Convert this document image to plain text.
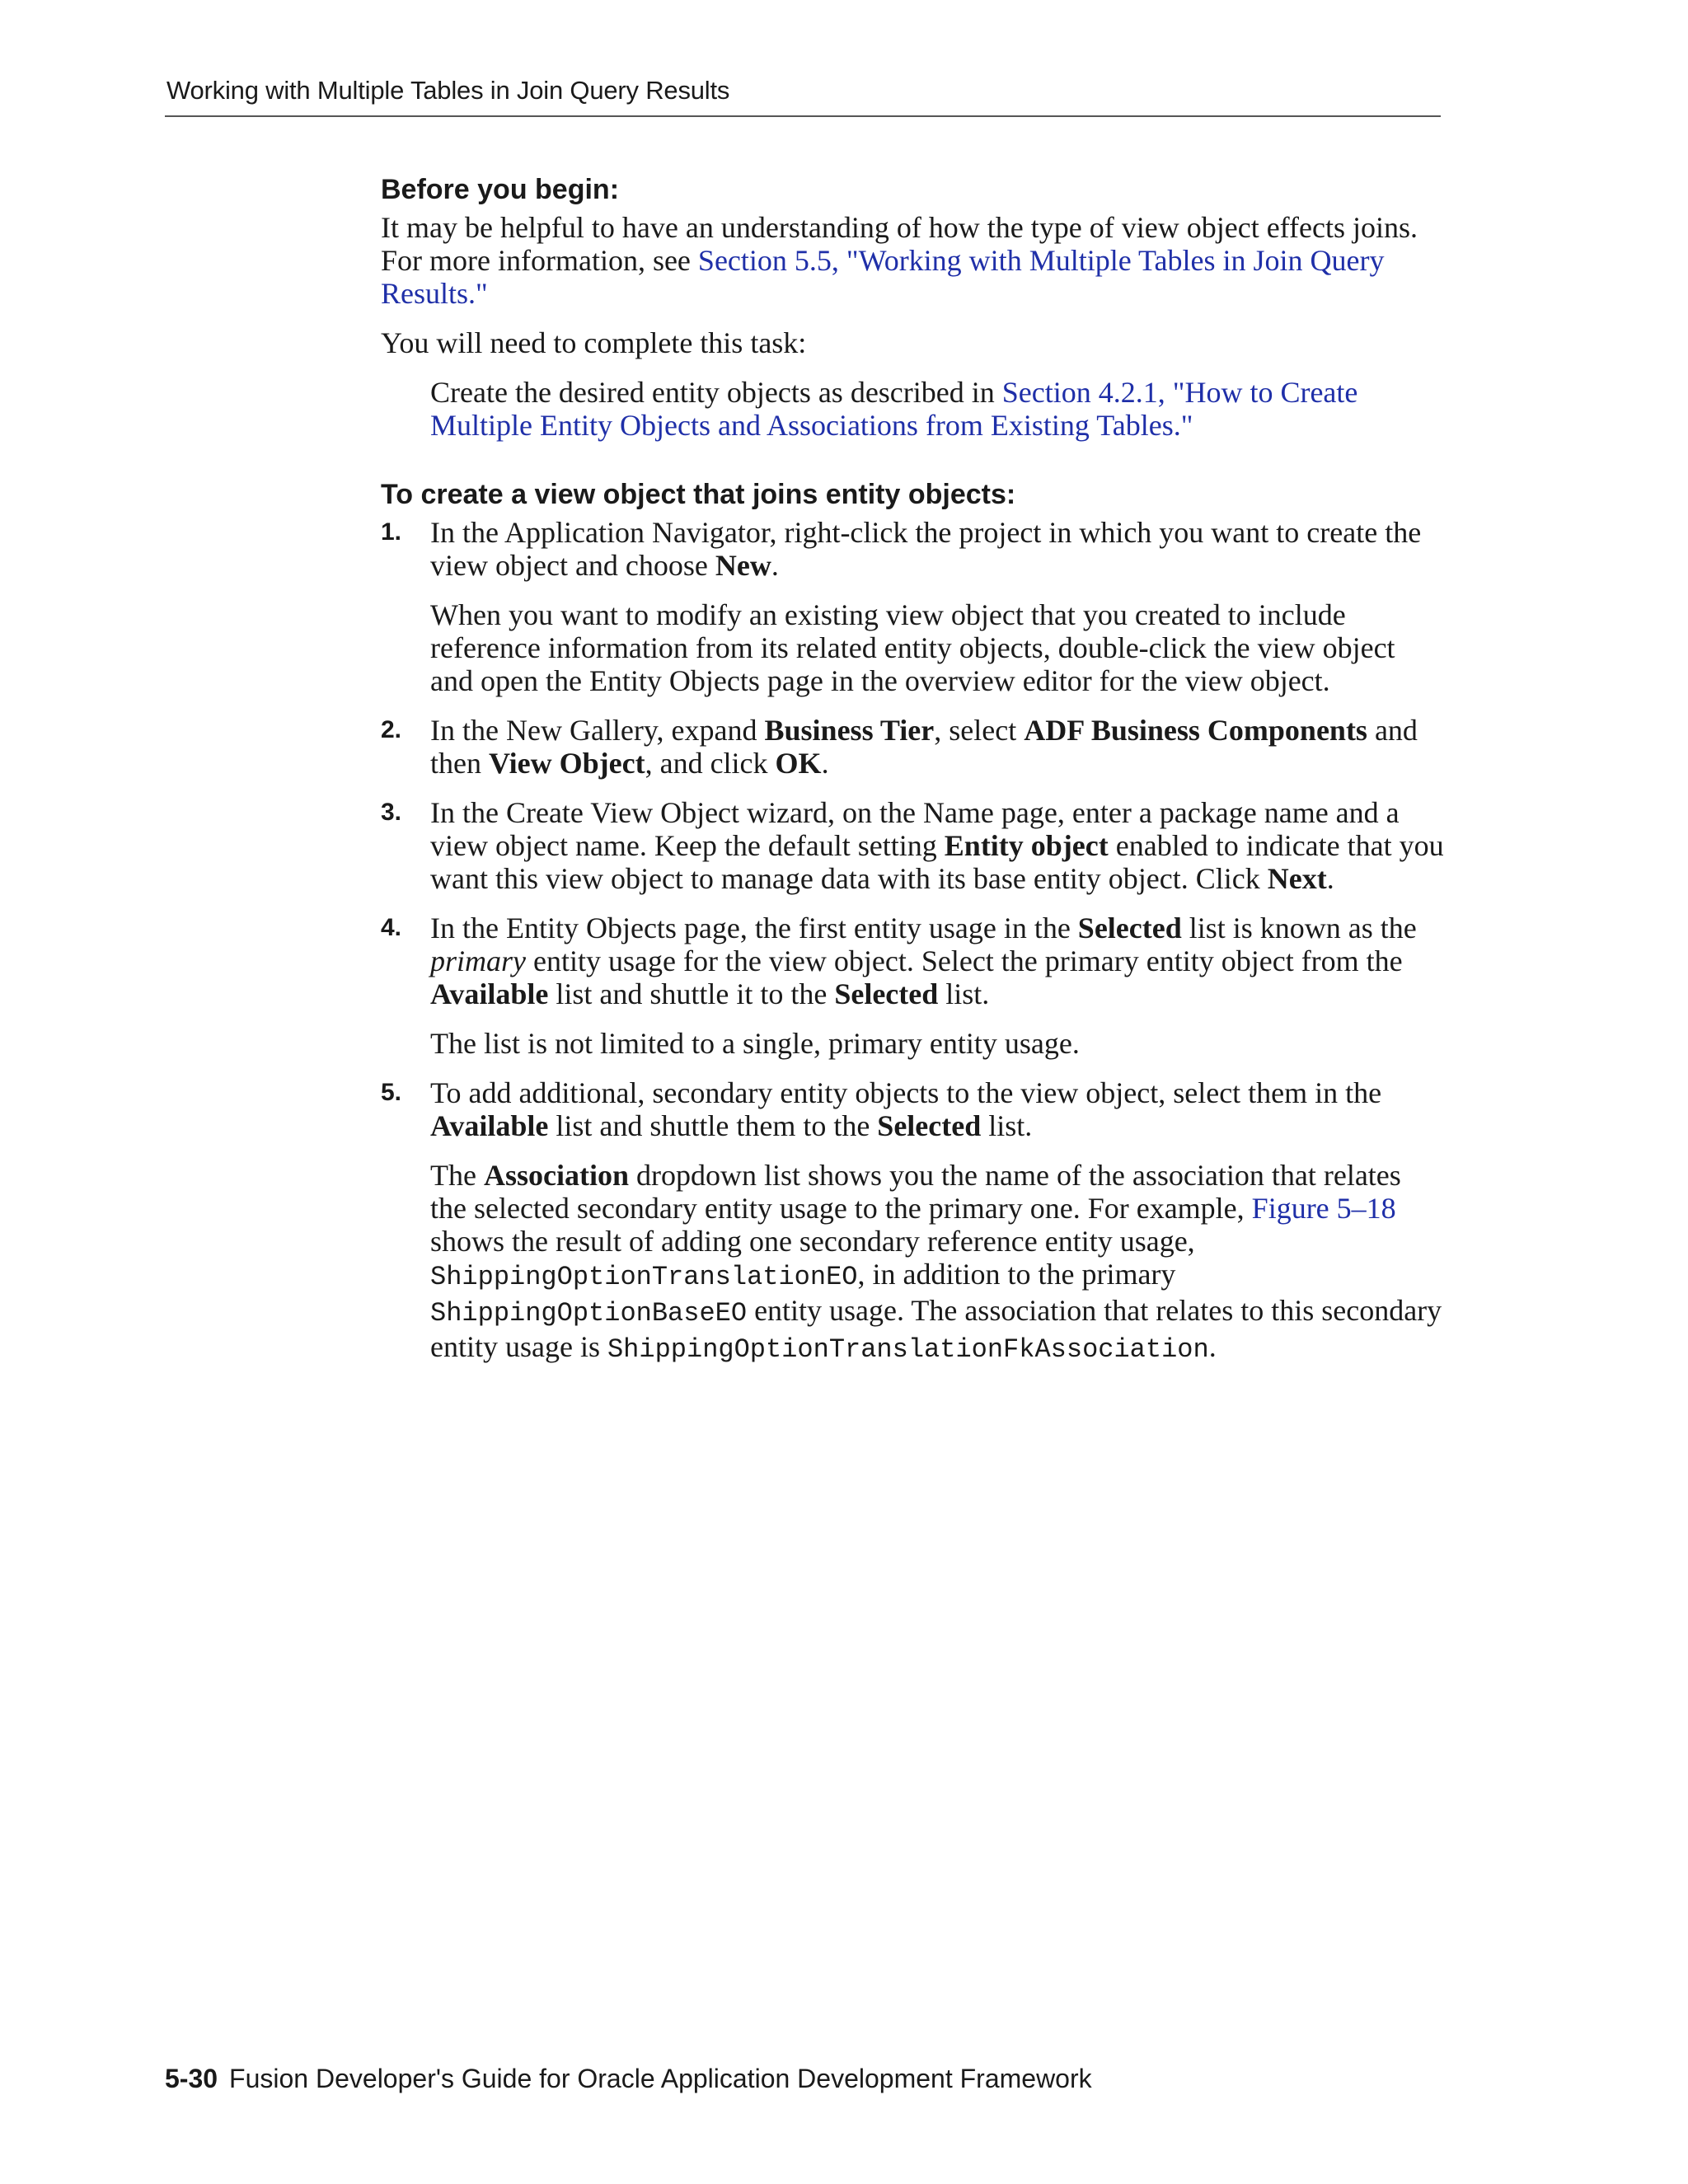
Working with Multiple Tables in Join Query Results

Before you begin:

It may be helpful to have an understanding of how the type of view object effects joins. For more information, see Section 5.5, "Working with Multiple Tables in Join Query Results."

You will need to complete this task:

Create the desired entity objects as described in Section 4.2.1, "How to Create Multiple Entity Objects and Associations from Existing Tables."

To create a view object that joins entity objects:

1. In the Application Navigator, right-click the project in which you want to create the view object and choose New.

When you want to modify an existing view object that you created to include reference information from its related entity objects, double-click the view object and open the Entity Objects page in the overview editor for the view object.

2. In the New Gallery, expand Business Tier, select ADF Business Components and then View Object, and click OK.

3. In the Create View Object wizard, on the Name page, enter a package name and a view object name. Keep the default setting Entity object enabled to indicate that you want this view object to manage data with its base entity object. Click Next.

4. In the Entity Objects page, the first entity usage in the Selected list is known as the primary entity usage for the view object. Select the primary entity object from the Available list and shuttle it to the Selected list.

The list is not limited to a single, primary entity usage.

5. To add additional, secondary entity objects to the view object, select them in the Available list and shuttle them to the Selected list.

The Association dropdown list shows you the name of the association that relates the selected secondary entity usage to the primary one. For example, Figure 5–18 shows the result of adding one secondary reference entity usage, ShippingOptionTranslationEO, in addition to the primary ShippingOptionBaseEO entity usage. The association that relates to this secondary entity usage is ShippingOptionTranslationFkAssociation.

5-30 Fusion Developer's Guide for Oracle Application Development Framework
